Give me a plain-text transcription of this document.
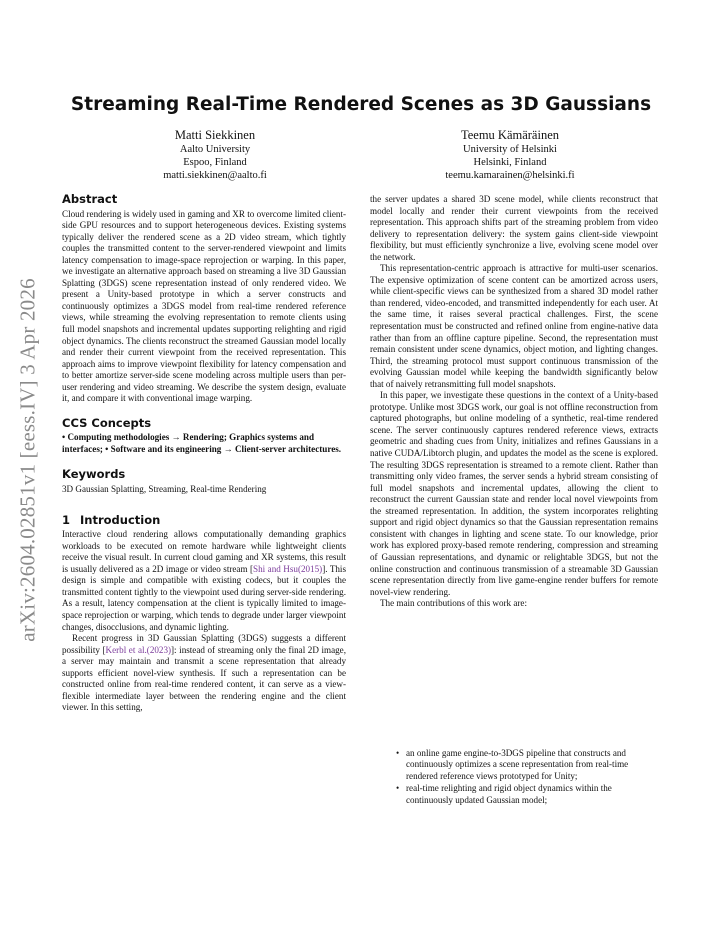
arXiv:2604.02851v1 [eess.IV] 3 Apr 2026
Streaming Real-Time Rendered Scenes as 3D Gaussians
Matti Siekkinen
Aalto University
Espoo, Finland
matti.siekkinen@aalto.fi
Teemu Kämäräinen
University of Helsinki
Helsinki, Finland
teemu.kamarainen@helsinki.fi
Abstract

Cloud rendering is widely used in gaming and XR to overcome limited client-side GPU resources and to support heterogeneous devices. Existing systems typically deliver the rendered scene as a 2D video stream, which tightly couples the transmitted content to the server-rendered viewpoint and limits latency compensation to image-space reprojection or warping. In this paper, we investigate an alternative approach based on streaming a live 3D Gaussian Splatting (3DGS) scene representation instead of only rendered video. We present a Unity-based prototype in which a server constructs and continuously optimizes a 3DGS model from real-time rendered reference views, while streaming the evolving representation to remote clients using full model snapshots and incremental updates supporting relighting and rigid object dynamics. The clients reconstruct the streamed Gaussian model locally and render their current viewpoint from the received representation. This approach aims to improve viewpoint flexibility for latency compensation and to better amortize server-side scene modeling across multiple users than per-user rendering and video streaming. We describe the system design, evaluate it, and compare it with conventional image warping.

CCS Concepts

• Computing methodologies → Rendering; Graphics systems and interfaces; • Software and its engineering → Client-server architectures.

Keywords

3D Gaussian Splatting, Streaming, Real-time Rendering

1 Introduction

Interactive cloud rendering allows computationally demanding graphics workloads to be executed on remote hardware while lightweight clients receive the visual result. In current cloud gaming and XR systems, this result is usually delivered as a 2D image or video stream [Shi and Hsu(2015)]. This design is simple and compatible with existing codecs, but it couples the transmitted content tightly to the viewpoint used during server-side rendering. As a result, latency compensation at the client is typically limited to image-space reprojection or warping, which tends to degrade under larger viewpoint changes, disocclusions, and dynamic lighting.

Recent progress in 3D Gaussian Splatting (3DGS) suggests a different possibility [Kerbl et al.(2023)]: instead of streaming only the final 2D image, a server may maintain and transmit a scene representation that already supports efficient novel-view synthesis. If such a representation can be constructed online from real-time rendered content, it can serve as a view-flexible intermediate layer between the rendering engine and the client viewer. In this setting,

the server updates a shared 3D scene model, while clients reconstruct that model locally and render their current viewpoints from the received representation. This approach shifts part of the streaming problem from video delivery to representation delivery: the system gains client-side viewpoint flexibility, but must efficiently synchronize a live, evolving scene model over the network.

This representation-centric approach is attractive for multi-user scenarios. The expensive optimization of scene content can be amortized across users, while client-specific views can be synthesized from a shared 3D model rather than rendered, video-encoded, and transmitted independently for each user. At the same time, it raises several practical challenges. First, the scene representation must be constructed and refined online from engine-native data rather than from an offline capture pipeline. Second, the representation must remain consistent under scene dynamics, object motion, and lighting changes. Third, the streaming protocol must support continuous transmission of the evolving Gaussian model while keeping the bandwidth significantly below that of naively retransmitting full model snapshots.

In this paper, we investigate these questions in the context of a Unity-based prototype. Unlike most 3DGS work, our goal is not offline reconstruction from captured photographs, but online modeling of a synthetic, real-time rendered scene. The server continuously captures rendered reference views, extracts geometric and shading cues from Unity, initializes and refines Gaussians in a native CUDA/Libtorch plugin, and updates the model as the scene is explored. The resulting 3DGS representation is streamed to a remote client. Rather than transmitting only video frames, the server sends a hybrid stream consisting of full model snapshots and incremental updates, allowing the client to reconstruct the current Gaussian state and render local novel viewpoints from the streamed representation. In addition, the system incorporates relighting support and rigid object dynamics so that the Gaussian representation remains consistent with changes in lighting and scene state. To our knowledge, prior work has explored proxy-based remote rendering, compression and streaming of Gaussian representations, and dynamic or relightable 3DGS, but not the online construction and continuous transmission of a streamable 3D Gaussian scene representation directly from live game-engine render buffers for remote novel-view rendering.

The main contributions of this work are:

• an online game engine-to-3DGS pipeline that constructs and continuously optimizes a scene representation from real-time rendered reference views prototyped for Unity;
• real-time relighting and rigid object dynamics within the continuously updated Gaussian model;
